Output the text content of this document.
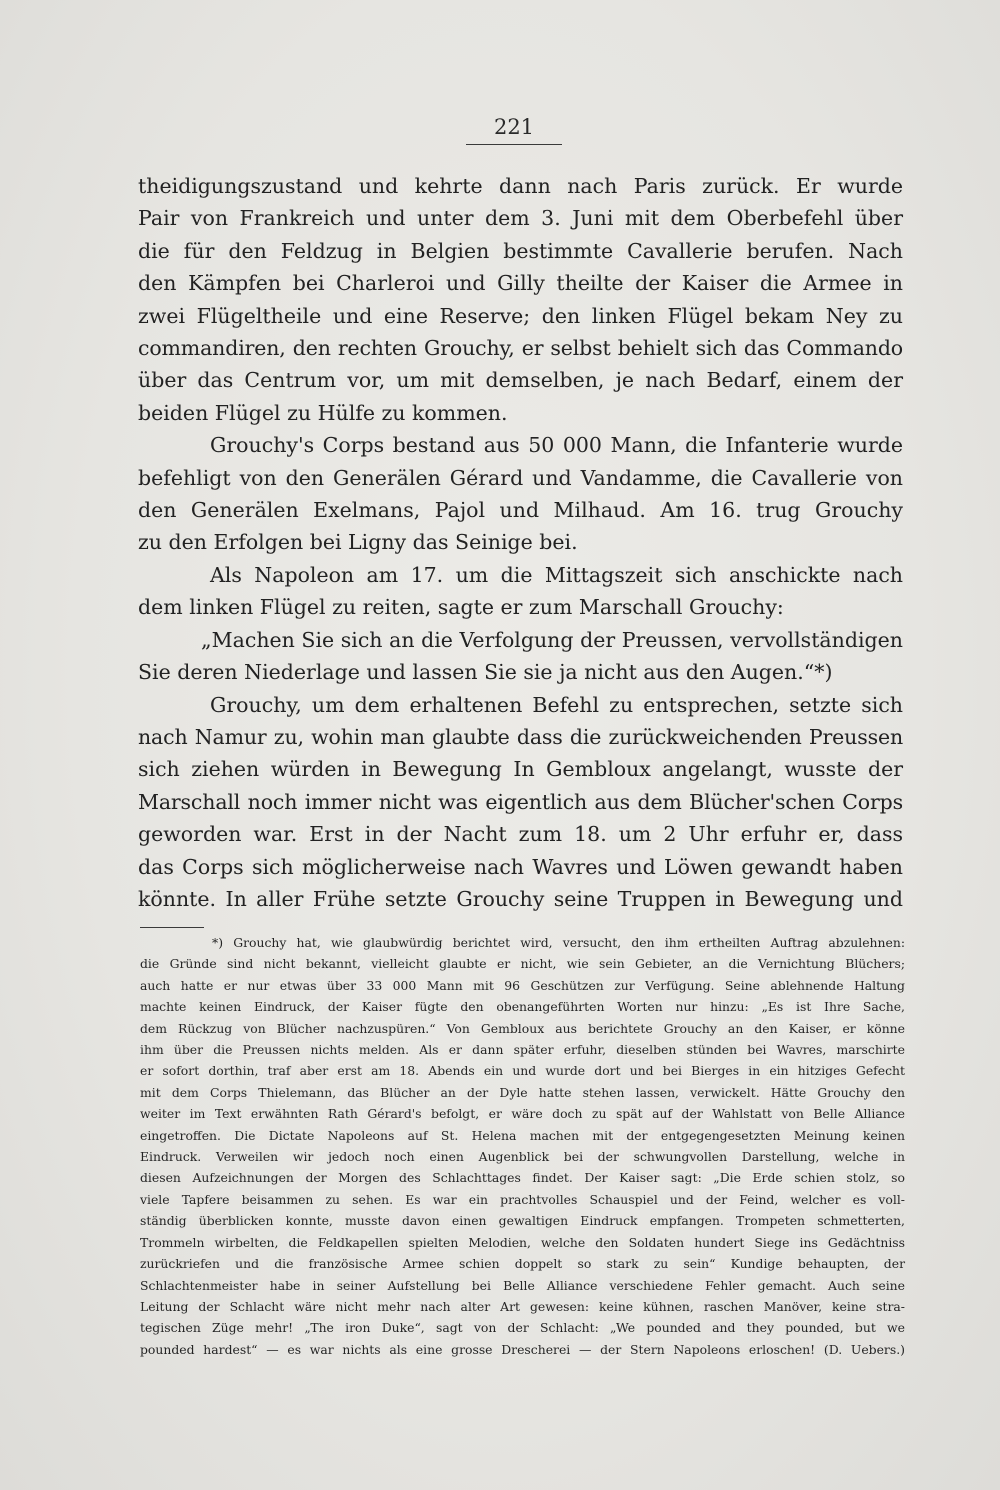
221
theidigungszustand und kehrte dann nach Paris zurück. Er wurde
Pair von Frankreich und unter dem 3. Juni mit dem Oberbefehl über
die für den Feldzug in Belgien bestimmte Cavallerie berufen. Nach
den Kämpfen bei Charleroi und Gilly theilte der Kaiser die Armee in
zwei Flügeltheile und eine Reserve; den linken Flügel bekam Ney zu
commandiren, den rechten Grouchy, er selbst behielt sich das Commando
über das Centrum vor, um mit demselben, je nach Bedarf, einem der
beiden Flügel zu Hülfe zu kommen.
Grouchy's Corps bestand aus 50 000 Mann, die Infanterie wurde
befehligt von den Generälen Gérard und Vandamme, die Cavallerie von
den Generälen Exelmans, Pajol und Milhaud. Am 16. trug Grouchy
zu den Erfolgen bei Ligny das Seinige bei.
Als Napoleon am 17. um die Mittagszeit sich anschickte nach
dem linken Flügel zu reiten, sagte er zum Marschall Grouchy:
„Machen Sie sich an die Verfolgung der Preussen, vervollständigen
Sie deren Niederlage und lassen Sie sie ja nicht aus den Augen.“*)
Grouchy, um dem erhaltenen Befehl zu entsprechen, setzte sich
nach Namur zu, wohin man glaubte dass die zurückweichenden Preussen
sich ziehen würden in Bewegung In Gembloux angelangt, wusste der
Marschall noch immer nicht was eigentlich aus dem Blücher'schen Corps
geworden war. Erst in der Nacht zum 18. um 2 Uhr erfuhr er, dass
das Corps sich möglicherweise nach Wavres und Löwen gewandt haben
könnte. In aller Frühe setzte Grouchy seine Truppen in Bewegung und
*) Grouchy hat, wie glaubwürdig berichtet wird, versucht, den ihm ertheilten Auftrag abzulehnen:
die Gründe sind nicht bekannt, vielleicht glaubte er nicht, wie sein Gebieter, an die Vernichtung Blüchers;
auch hatte er nur etwas über 33 000 Mann mit 96 Geschützen zur Verfügung. Seine ablehnende Haltung
machte keinen Eindruck, der Kaiser fügte den obenangeführten Worten nur hinzu: „Es ist Ihre Sache,
dem Rückzug von Blücher nachzuspüren.“ Von Gembloux aus berichtete Grouchy an den Kaiser, er könne
ihm über die Preussen nichts melden. Als er dann später erfuhr, dieselben stünden bei Wavres, marschirte
er sofort dorthin, traf aber erst am 18. Abends ein und wurde dort und bei Bierges in ein hitziges Gefecht
mit dem Corps Thielemann, das Blücher an der Dyle hatte stehen lassen, verwickelt. Hätte Grouchy den
weiter im Text erwähnten Rath Gérard's befolgt, er wäre doch zu spät auf der Wahlstatt von Belle Alliance
eingetroffen. Die Dictate Napoleons auf St. Helena machen mit der entgegengesetzten Meinung keinen
Eindruck. Verweilen wir jedoch noch einen Augenblick bei der schwungvollen Darstellung, welche in
diesen Aufzeichnungen der Morgen des Schlachttages findet. Der Kaiser sagt: „Die Erde schien stolz, so
viele Tapfere beisammen zu sehen. Es war ein prachtvolles Schauspiel und der Feind, welcher es voll-
ständig überblicken konnte, musste davon einen gewaltigen Eindruck empfangen. Trompeten schmetterten,
Trommeln wirbelten, die Feldkapellen spielten Melodien, welche den Soldaten hundert Siege ins Gedächtniss
zurückriefen und die französische Armee schien doppelt so stark zu sein“ Kundige behaupten, der
Schlachtenmeister habe in seiner Aufstellung bei Belle Alliance verschiedene Fehler gemacht. Auch seine
Leitung der Schlacht wäre nicht mehr nach alter Art gewesen: keine kühnen, raschen Manöver, keine stra-
tegischen Züge mehr! „The iron Duke“, sagt von der Schlacht: „We pounded and they pounded, but we
pounded hardest“ — es war nichts als eine grosse Drescherei — der Stern Napoleons erloschen! (D. Uebers.)
